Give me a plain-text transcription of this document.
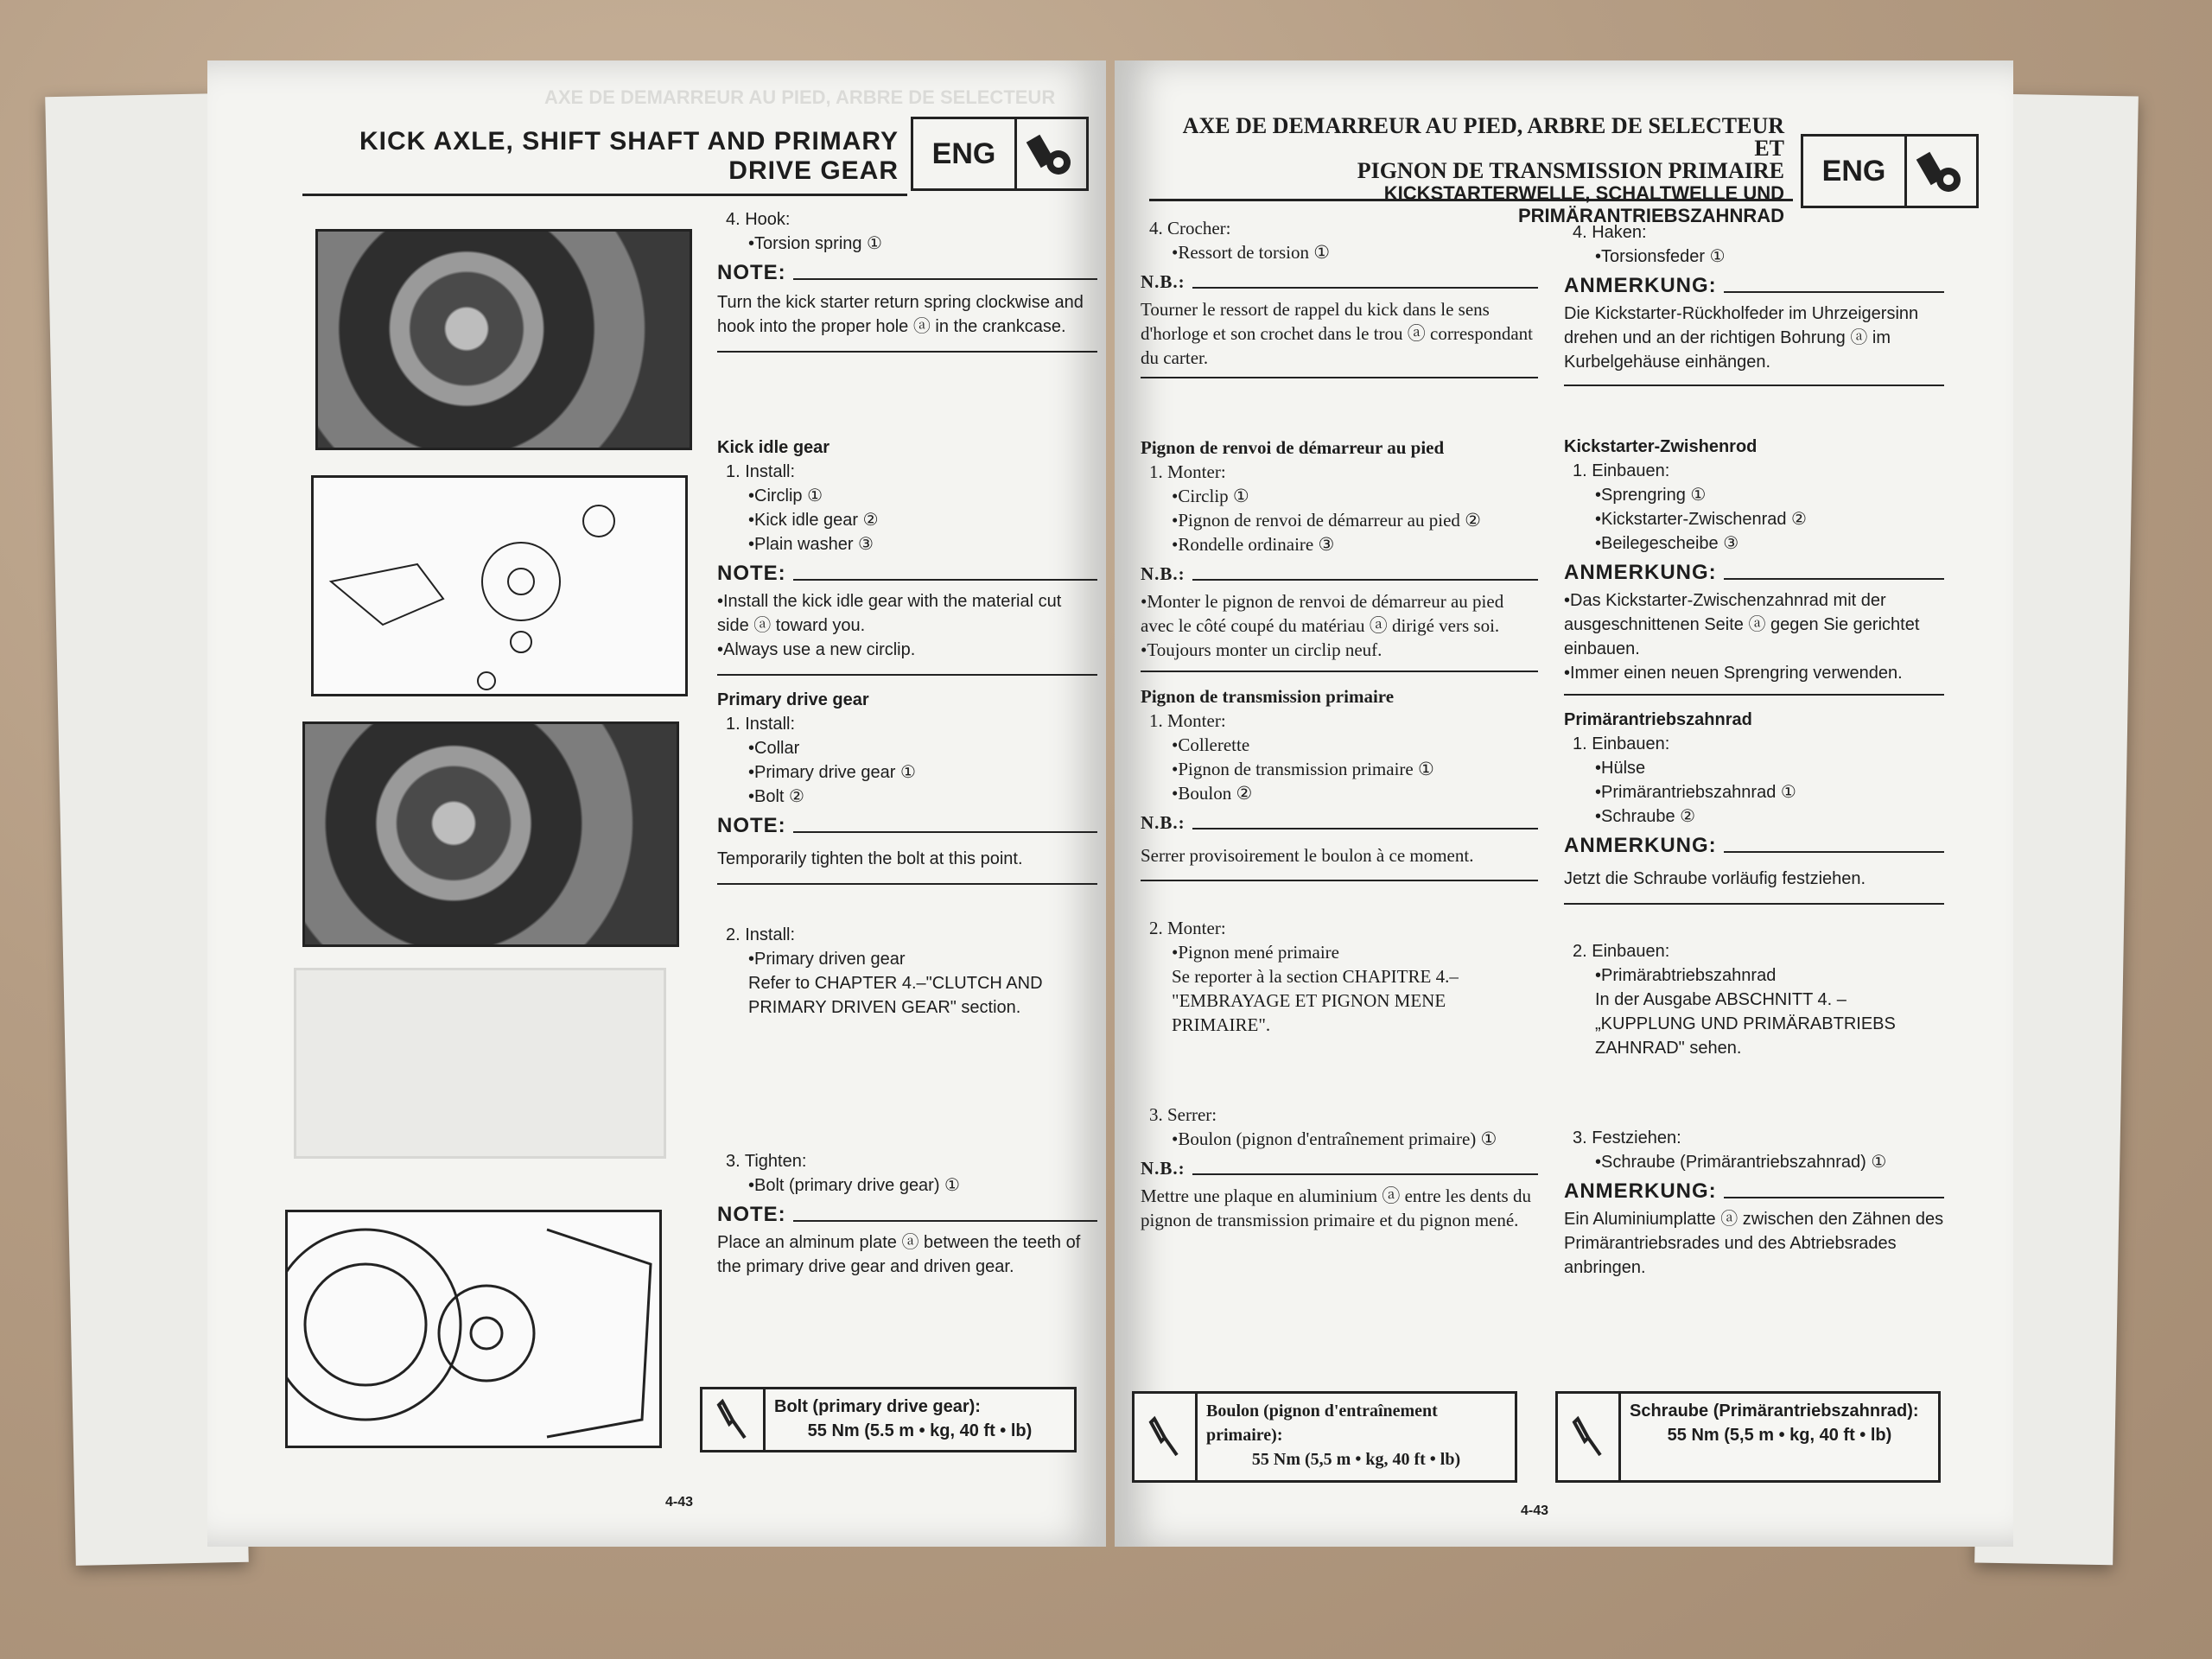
AXE DE DEMARREUR AU PIED, ARBRE DE SELECTEUR
KICK AXLE, SHIFT SHAFT AND PRIMARY
DRIVE GEAR
ENG
4. Hook:
•Torsion spring ①
NOTE:
Turn the kick starter return spring clockwise and hook into the proper hole ⓐ in the crankcase.
Kick idle gear
1. Install:
•Circlip ①
•Kick idle gear ②
•Plain washer ③
NOTE:
•Install the kick idle gear with the material cut side ⓐ toward you.
•Always use a new circlip.
Primary drive gear
1. Install:
•Collar
•Primary drive gear ①
•Bolt ②
NOTE:
Temporarily tighten the bolt at this point.
2. Install:
•Primary driven gear
Refer to CHAPTER 4.–"CLUTCH AND PRIMARY DRIVEN GEAR" section.
3. Tighten:
•Bolt (primary drive gear) ①
NOTE:
Place an alminum plate ⓐ between the teeth of the primary drive gear and driven gear.
Bolt (primary drive gear):
55 Nm (5.5 m • kg, 40 ft • lb)
4-43
AXE DE DEMARREUR AU PIED, ARBRE DE SELECTEUR ET
PIGNON DE TRANSMISSION PRIMAIRE
KICKSTARTERWELLE, SCHALTWELLE UND PRIMÄRANTRIEBSZAHNRAD
ENG
4. Crocher:
•Ressort de torsion ①
N.B.:
Tourner le ressort de rappel du kick dans le sens d'horloge et son crochet dans le trou ⓐ correspondant du carter.
Pignon de renvoi de démarreur au pied
1. Monter:
•Circlip ①
•Pignon de renvoi de démarreur au pied ②
•Rondelle ordinaire ③
N.B.:
•Monter le pignon de renvoi de démarreur au pied avec le côté coupé du matériau ⓐ dirigé vers soi.
•Toujours monter un circlip neuf.
Pignon de transmission primaire
1. Monter:
•Collerette
•Pignon de transmission primaire ①
•Boulon ②
N.B.:
Serrer provisoirement le boulon à ce moment.
2. Monter:
•Pignon mené primaire
Se reporter à la section CHAPITRE 4.– "EMBRAYAGE ET PIGNON MENE PRIMAIRE".
3. Serrer:
•Boulon (pignon d'entraînement primaire) ①
N.B.:
Mettre une plaque en aluminium ⓐ entre les dents du pignon de transmission primaire et du pignon mené.
Boulon (pignon d'entraînement primaire):
55 Nm (5,5 m • kg, 40 ft • lb)
4. Haken:
•Torsionsfeder ①
ANMERKUNG:
Die Kickstarter-Rückholfeder im Uhrzeigersinn drehen und an der richtigen Bohrung ⓐ im Kurbelgehäuse einhängen.
Kickstarter-Zwishenrod
1. Einbauen:
•Sprengring ①
•Kickstarter-Zwischenrad ②
•Beilegescheibe ③
ANMERKUNG:
•Das Kickstarter-Zwischenzahnrad mit der ausgeschnittenen Seite ⓐ gegen Sie gerichtet einbauen.
•Immer einen neuen Sprengring verwenden.
Primärantriebszahnrad
1. Einbauen:
•Hülse
•Primärantriebszahnrad ①
•Schraube ②
ANMERKUNG:
Jetzt die Schraube vorläufig festziehen.
2. Einbauen:
•Primärabtriebszahnrad
In der Ausgabe ABSCHNITT 4. – „KUPPLUNG UND PRIMÄRABTRIEBS ZAHNRAD" sehen.
3. Festziehen:
•Schraube (Primärantriebszahnrad) ①
ANMERKUNG:
Ein Aluminiumplatte ⓐ zwischen den Zähnen des Primärantriebsrades und des Abtriebsrades anbringen.
Schraube (Primärantriebszahnrad):
55 Nm (5,5 m • kg, 40 ft • lb)
4-43
